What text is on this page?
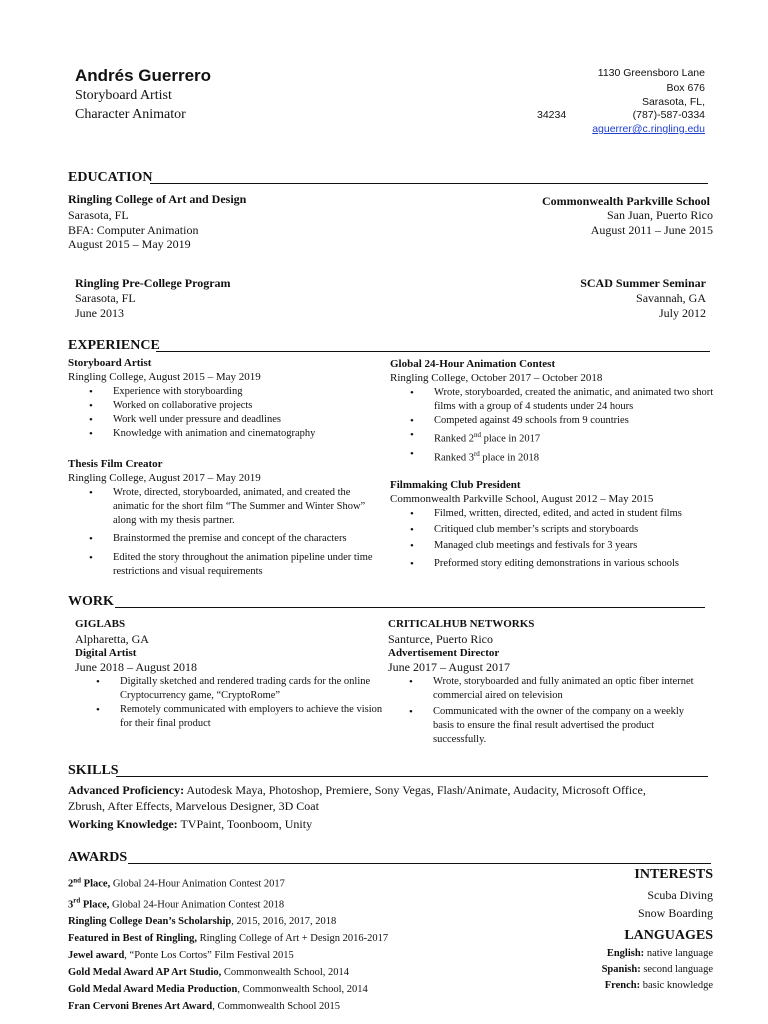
Andrés Guerrero
Storyboard Artist
Character Animator
1130 Greensboro Lane
Box 676
Sarasota, FL,
34234	(787)-587-0334
aguerrer@c.ringling.edu
EDUCATION
Ringling College of Art and Design
Sarasota, FL
BFA: Computer Animation
August 2015 – May 2019
Commonwealth Parkville School
San Juan, Puerto Rico
August 2011 – June 2015
Ringling Pre-College Program
Sarasota, FL
June 2013
SCAD Summer Seminar
Savannah, GA
July 2012
EXPERIENCE
Storyboard Artist
Ringling College, August 2015 – May 2019
• Experience with storyboarding
• Worked on collaborative projects
• Work well under pressure and deadlines
• Knowledge with animation and cinematography
Global 24-Hour Animation Contest
Ringling College, October 2017 – October 2018
• Wrote, storyboarded, created the animatic, and animated two short films with a group of 4 students under 24 hours
• Competed against 49 schools from 9 countries
• Ranked 2nd place in 2017
• Ranked 3rd place in 2018
Thesis Film Creator
Ringling College, August 2017 – May 2019
• Wrote, directed, storyboarded, animated, and created the animatic for the short film “The Summer and Winter Show” along with my thesis partner.
• Brainstormed the premise and concept of the characters
• Edited the story throughout the animation pipeline under time restrictions and visual requirements
Filmmaking Club President
Commonwealth Parkville School, August 2012 – May 2015
• Filmed, written, directed, edited, and acted in student films
• Critiqued club member’s scripts and storyboards
• Managed club meetings and festivals for 3 years
• Preformed story editing demonstrations in various schools
WORK
GIGLABS
Alpharetta, GA
Digital Artist
June 2018 – August 2018
• Digitally sketched and rendered trading cards for the online Cryptocurrency game, “CryptoRome”
• Remotely communicated with employers to achieve the vision for their final product
CRITICALHUB NETWORKS
Santurce, Puerto Rico
Advertisement Director
June 2017 – August 2017
• Wrote, storyboarded and fully animated an optic fiber internet commercial aired on television
• Communicated with the owner of the company on a weekly basis to ensure the final result advertised the product successfully.
SKILLS
Advanced Proficiency: Autodesk Maya, Photoshop, Premiere, Sony Vegas, Flash/Animate, Audacity, Microsoft Office,
Zbrush, After Effects, Marvelous Designer, 3D Coat
Working Knowledge: TVPaint, Toonboom, Unity
AWARDS
2nd Place, Global 24-Hour Animation Contest 2017
3rd Place, Global 24-Hour Animation Contest 2018
Ringling College Dean’s Scholarship, 2015, 2016, 2017, 2018
Featured in Best of Ringling, Ringling College of Art + Design 2016-2017
Jewel award, “Ponte Los Cortos” Film Festival 2015
Gold Medal Award AP Art Studio, Commonwealth School, 2014
Gold Medal Award Media Production, Commonwealth School, 2014
Fran Cervoni Brenes Art Award, Commonwealth School 2015
INTERESTS
Scuba Diving
Snow Boarding
LANGUAGES
English: native language
Spanish: second language
French: basic knowledge
